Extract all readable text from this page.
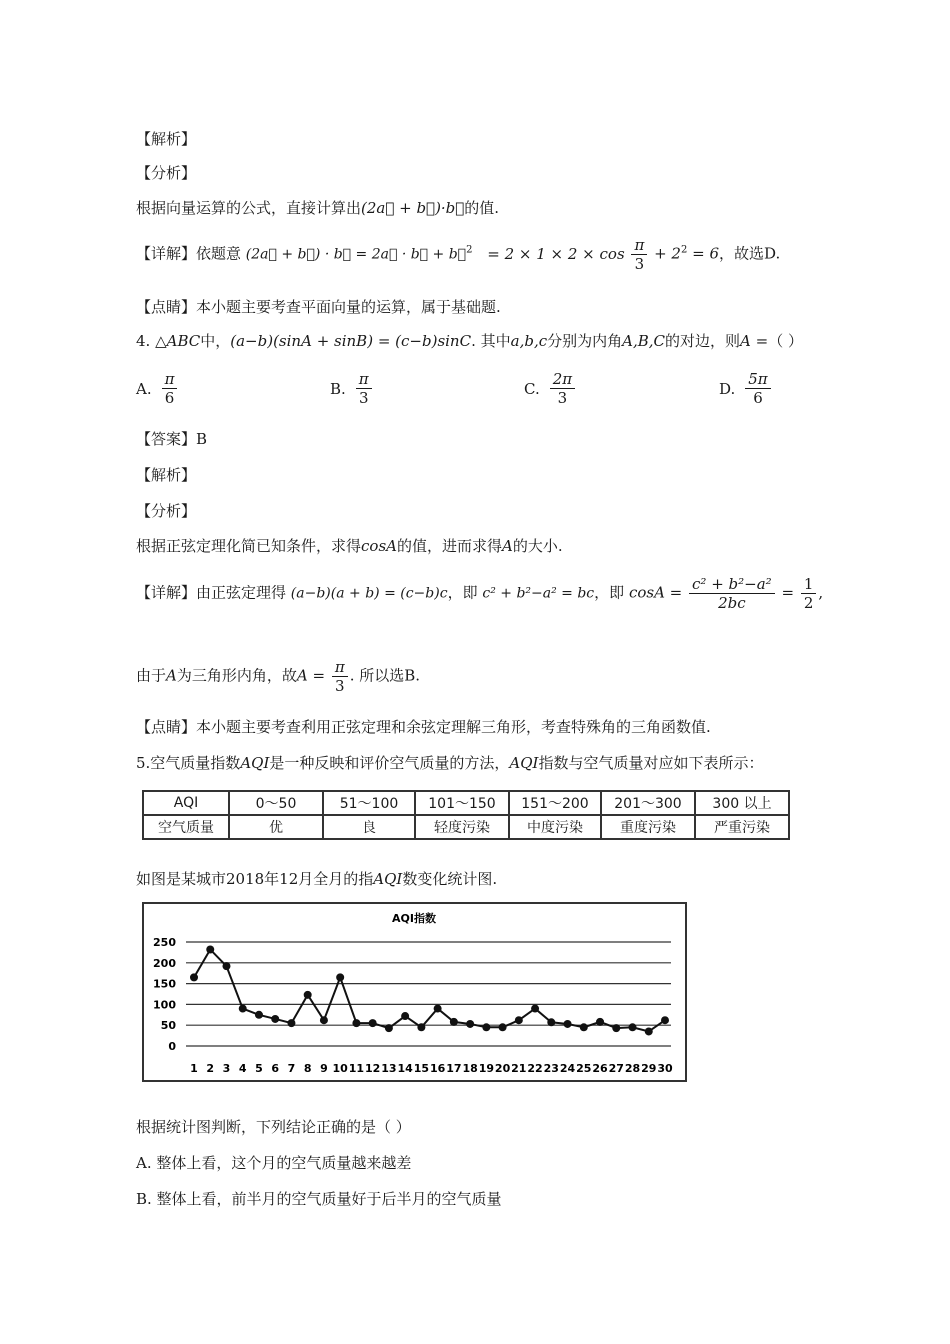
【解析】
【分析】
根据向量运算的公式，直接计算出(2a⃗ + b⃗)·b⃗的值.
【详解】依题意 (2a⃗ + b⃗) · b⃗ = 2a⃗ · b⃗ + b⃗$^2$ = $2 \times 1 \times 2 \times \cos \frac{\pi}{3} + 2^2 = 6$，故选D.
【点睛】本小题主要考查平面向量的运算，属于基础题.
4. △ABC中，(a−b)(sinA + sinB) = (c−b)sinC. 其中a,b,c分别为内角A,B,C的对边，则A =（ ）
A. $\frac{\pi}{6}$	B. $\frac{\pi}{3}$	C. $\frac{2\pi}{3}$	D. $\frac{5\pi}{6}$
【答案】B
【解析】
【分析】
根据正弦定理化简已知条件，求得cosA的值，进而求得A的大小.
【详解】由正弦定理得 (a−b)(a + b) = (c−b)c，即 c² + b²−a² = bc，即 $\cos A = \frac{\text{c² + b²−a²}}{2bc} = \frac{1}{2}$ ,
由于A为三角形内角，故$A = \frac{\pi}{3}$ . 所以选B.
【点睛】本小题主要考查利用正弦定理和余弦定理解三角形，考查特殊角的三角函数值.
5.空气质量指数AQI是一种反映和评价空气质量的方法，AQI指数与空气质量对应如下表所示：
AQI	0～50	51～100	101～150	151～200	201～300	300 以上
空气质量	优	良	轻度污染	中度污染	重度污染	严重污染
如图是某城市2018年12月全月的指AQI数变化统计图.
AQI指数
0
50
100
150
200
250
1 2 3 4 5 6 7 8 9 10 11 12 13 14 15 16 17 18 19 20 21 22 23 24 25 26 27 28 29 30
根据统计图判断，下列结论正确的是（ ）
A. 整体上看，这个月的空气质量越来越差
B. 整体上看，前半月的空气质量好于后半月的空气质量
